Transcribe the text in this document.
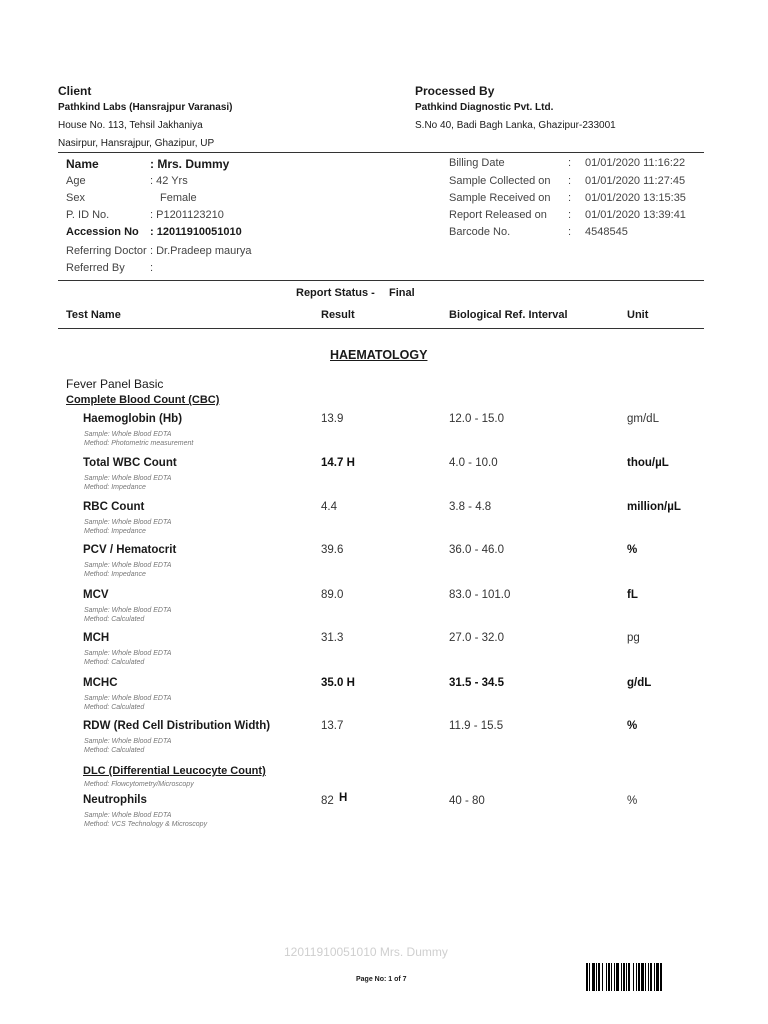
Client
Pathkind Labs (Hansrajpur Varanasi)
House No. 113, Tehsil Jakhaniya
Nasirpur, Hansrajpur, Ghazipur, UP
Processed By
Pathkind Diagnostic Pvt. Ltd.
S.No 40, Badi Bagh Lanka, Ghazipur-233001
Name	: Mrs. Dummy
Age	: 42 Yrs
Sex	Female
P. ID No.	: P1201123210
Accession No : 12011910051010
Referring Doctor : Dr.Pradeep maurya
Referred By :
Billing Date	: 01/01/2020 11:16:22
Sample Collected on : 01/01/2020 11:27:45
Sample Received on : 01/01/2020 13:15:35
Report Released on : 01/01/2020 13:39:41
Barcode No.	: 4548545
Report Status - Final
Test Name	Result	Biological Ref. Interval	Unit
HAEMATOLOGY
Fever Panel Basic
Complete Blood Count (CBC)
Haemoglobin (Hb)
Sample: Whole Blood EDTA
Method: Photometric measurement
13.9	12.0 - 15.0	gm/dL
Total WBC Count
Sample: Whole Blood EDTA
Method: Impedance
14.7 H	4.0 - 10.0	thou/µL
RBC Count
Sample: Whole Blood EDTA
Method: Impedance
4.4	3.8 - 4.8	million/µL
PCV / Hematocrit
Sample: Whole Blood EDTA
Method: Impedance
39.6	36.0 - 46.0	%
MCV
Sample: Whole Blood EDTA
Method: Calculated
89.0	83.0 - 101.0	fL
MCH
Sample: Whole Blood EDTA
Method: Calculated
31.3	27.0 - 32.0	pg
MCHC
Sample: Whole Blood EDTA
Method: Calculated
35.0 H	31.5 - 34.5	g/dL
RDW (Red Cell Distribution Width)
Sample: Whole Blood EDTA
Method: Calculated
13.7	11.9 - 15.5	%
DLC (Differential Leucocyte Count)
Method: Flowcytometry/Microscopy
Neutrophils
Sample: Whole Blood EDTA
Method: VCS Technology & Microscopy
82 H	40 - 80	%
12011910051010 Mrs. Dummy
Page No: 1 of 7
